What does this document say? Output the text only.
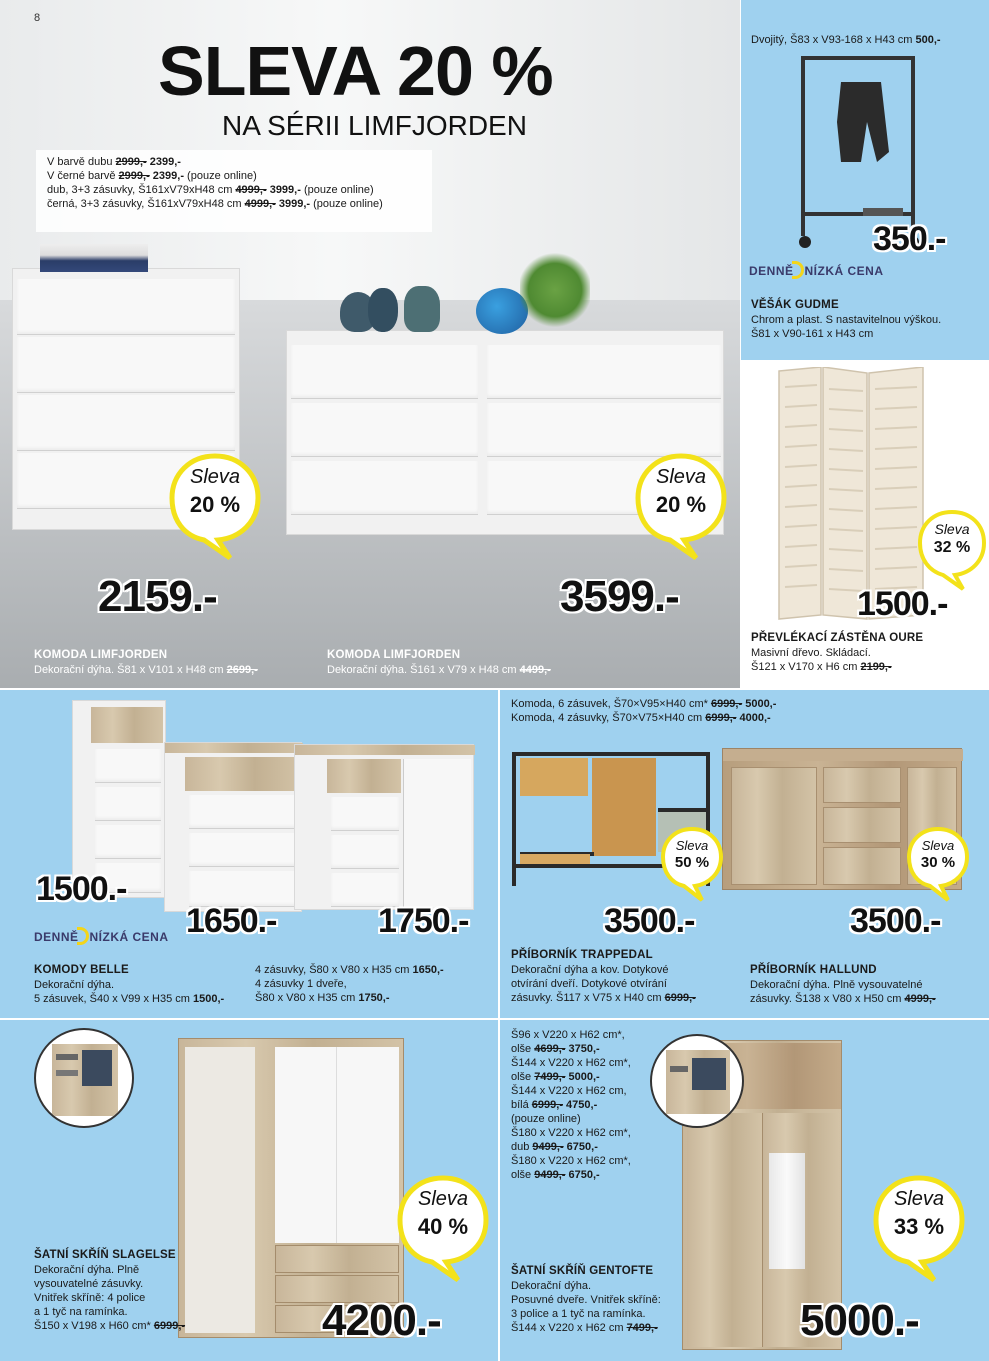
8
SLEVA 20 %
NA SÉRII LIMFJORDEN
V barvě dubu 2999,- 2399,-
V černé barvě 2999,- 2399,- (pouze online)
dub, 3+3 zásuvky, Š161xV79xH48 cm 4999,- 3999,- (pouze online)
černá, 3+3 zásuvky, Š161xV79xH48 cm 4999,- 3999,- (pouze online)
Sleva
20 %
Sleva
20 %
2159.-	3599.-
KOMODA LIMFJORDEN
Dekorační dýha. Š81 x V101 x H48 cm 2699,-
KOMODA LIMFJORDEN
Dekorační dýha. Š161 x V79 x H48 cm 4499,-
Dvojitý, Š83 x V93-168 x H43 cm 500,-
350.-
DENNĚ NÍZKÁ CENA
VĚŠÁK GUDME
Chrom a plast. S nastavitelnou výškou.
Š81 x V90-161 x H43 cm
Sleva
32 %
1500.-
PŘEVLÉKACÍ ZÁSTĚNA OURE
Masivní dřevo. Skládací.
Š121 x V170 x H6 cm 2199,-
1500.-
1650.-	1750.-
DENNĚ NÍZKÁ CENA
KOMODY BELLE
Dekorační dýha.
5 zásuvek, Š40 x V99 x H35 cm 1500,-
4 zásuvky, Š80 x V80 x H35 cm 1650,-
4 zásuvky 1 dveře,
Š80 x V80 x H35 cm 1750,-
Komoda, 6 zásuvek, Š70×V95×H40 cm* 6999,- 5000,-
Komoda, 4 zásuvky, Š70×V75×H40 cm 6999,- 4000,-
Sleva
50 %
Sleva
30 %
3500.-	3500.-
PŘÍBORNÍK TRAPPEDAL
Dekorační dýha a kov. Dotykové
otvírání dveří. Dotykové otvírání
zásuvky. Š117 x V75 x H40 cm 6999,-
PŘÍBORNÍK HALLUND
Dekorační dýha. Plně vysouvatelné
zásuvky. Š138 x V80 x H50 cm 4999,-
Sleva
40 %
4200.-
ŠATNÍ SKŘÍŇ SLAGELSE
Dekorační dýha. Plně
vysouvatelné zásuvky.
Vnitřek skříně: 4 police
a 1 tyč na ramínka.
Š150 x V198 x H60 cm* 6999,-
Š96 x V220 x H62 cm*,
olše 4699,- 3750,-
Š144 x V220 x H62 cm*,
olše 7499,- 5000,-
Š144 x V220 x H62 cm,
bílá 6999,- 4750,-
(pouze online)
Š180 x V220 x H62 cm*,
dub 9499,- 6750,-
Š180 x V220 x H62 cm*,
olše 9499,- 6750,-
Sleva
33 %
5000.-
ŠATNÍ SKŘÍŇ GENTOFTE
Dekorační dýha.
Posuvné dveře. Vnitřek skříně:
3 police a 1 tyč na ramínka.
Š144 x V220 x H62 cm 7499,-
